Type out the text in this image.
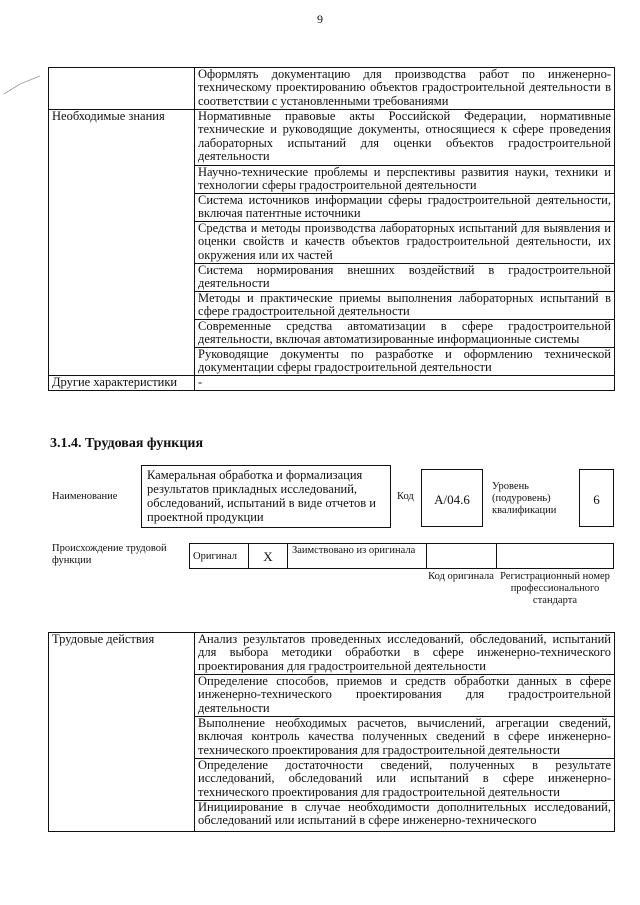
9
	Оформлять документацию для производства работ по инженерно-техническому проектированию объектов градостроительной деятельности в соответствии с установленными требованиями
Необходимые знания	Нормативные правовые акты Российской Федерации, нормативные технические и руководящие документы, относящиеся к сфере проведения лабораторных испытаний для оценки объектов градостроительной деятельности
	Научно-технические проблемы и перспективы развития науки, техники и технологии сферы градостроительной деятельности
	Система источников информации сферы градостроительной деятельности, включая патентные источники
	Средства и методы производства лабораторных испытаний для выявления и оценки свойств и качеств объектов градостроительной деятельности, их окружения или их частей
	Система нормирования внешних воздействий в градостроительной деятельности
	Методы и практические приемы выполнения лабораторных испытаний в сфере градостроительной деятельности
	Современные средства автоматизации в сфере градостроительной деятельности, включая автоматизированные информационные системы
	Руководящие документы по разработке и оформлению технической документации сферы градостроительной деятельности
Другие характеристики	-
3.1.4. Трудовая функция
Наименование
Камеральная обработка и формализация результатов прикладных исследований, обследований, испытаний в виде отчетов и проектной продукции
Код	А/04.6
Уровень (подуровень) квалификации
6
Происхождение трудовой функции	Оригинал	X	Заимствовано из оригинала
Код оригинала Регистрационный номер профессионального стандарта
Трудовые действия	Анализ результатов проведенных исследований, обследований, испытаний для выбора методики обработки в сфере инженерно-технического проектирования для градостроительной деятельности
Определение способов, приемов и средств обработки данных в сфере инженерно-технического проектирования для градостроительной деятельности
Выполнение необходимых расчетов, вычислений, агрегации сведений, включая контроль качества полученных сведений в сфере инженерно-технического проектирования для градостроительной деятельности
Определение достаточности сведений, полученных в результате исследований, обследований или испытаний в сфере инженерно-технического проектирования для градостроительной деятельности
Инициирование в случае необходимости дополнительных исследований, обследований или испытаний в сфере инженерно-технического
